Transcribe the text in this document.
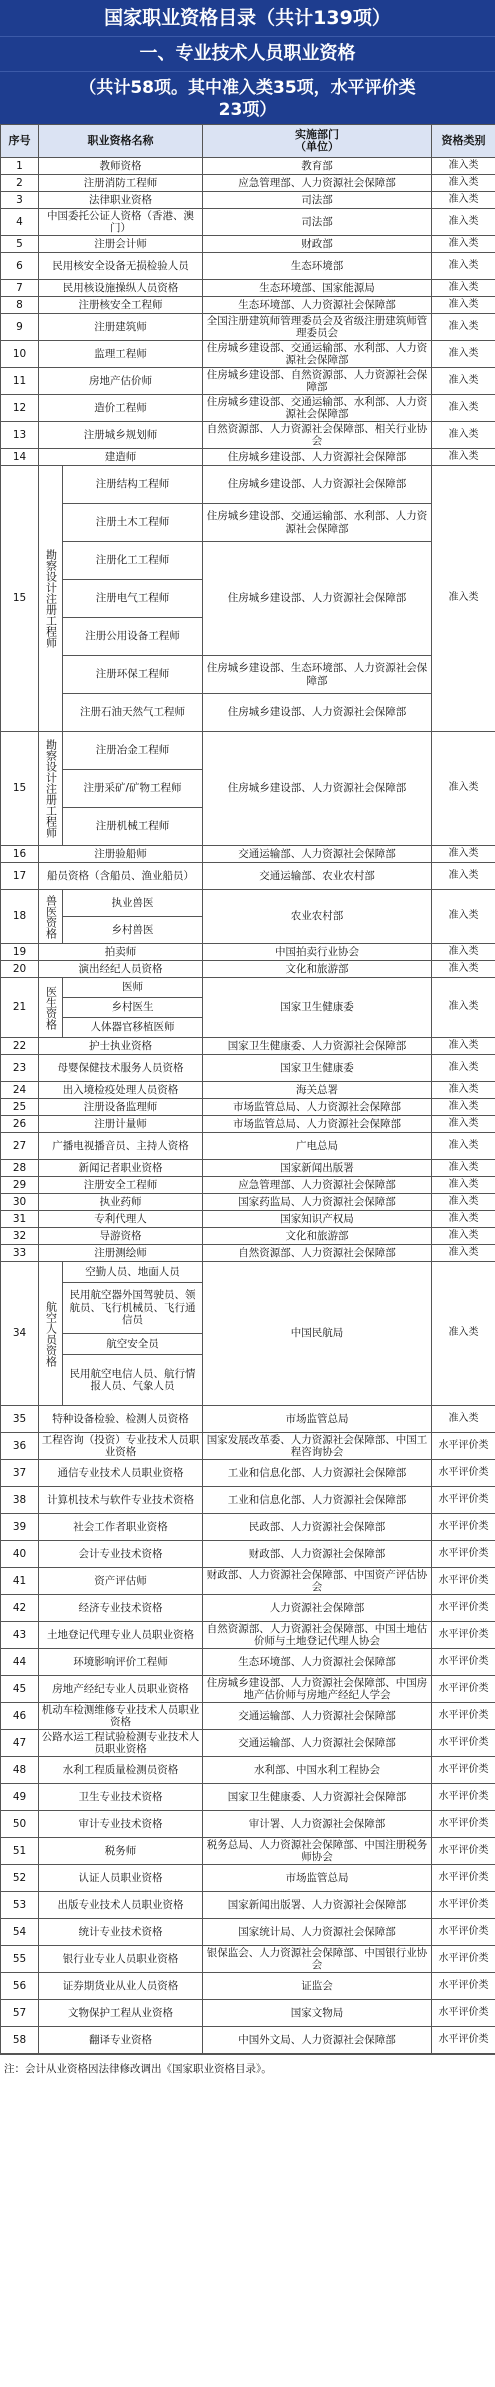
国家职业资格目录（共计139项）
一、专业技术人员职业资格
（共计58项。其中准入类35项，水平评价类
23项）
序号	职业资格名称		实施部门
（单位）	资格类别
1	教师资格		教育部	准入类
2	注册消防工程师		应急管理部、人力资源社会保障部	准入类
3	法律职业资格		司法部	准入类
4	中国委托公证人资格（香港、澳门）		司法部	准入类
5	注册会计师		财政部	准入类
6	民用核安全设备无损检验人员		生态环境部	准入类
7	民用核设施操纵人员资格		生态环境部、国家能源局	准入类
8	注册核安全工程师		生态环境部、人力资源社会保障部	准入类
9	注册建筑师		全国注册建筑师管理委员会及省级注册建筑师管理委员会	准入类
10	监理工程师		住房城乡建设部、交通运输部、水利部、人力资源社会保障部	准入类
11	房地产估价师		住房城乡建设部、自然资源部、人力资源社会保障部	准入类
12	造价工程师		住房城乡建设部、交通运输部、水利部、人力资源社会保障部	准入类
13	注册城乡规划师		自然资源部、人力资源社会保障部、相关行业协会	准入类
14	建造师		住房城乡建设部、人力资源社会保障部	准入类
15	勘察设计注册工程师	注册结构工程师	住房城乡建设部、人力资源社会保障部	准入类
		注册土木工程师	住房城乡建设部、交通运输部、水利部、人力资源社会保障部	
		注册化工工程师	住房城乡建设部、人力资源社会保障部	
		注册电气工程师		
		注册公用设备工程师		
		注册环保工程师	住房城乡建设部、生态环境部、人力资源社会保障部	
		注册石油天然气工程师	住房城乡建设部、人力资源社会保障部	
15	勘察设计注册工程师	注册冶金工程师	住房城乡建设部、人力资源社会保障部	准入类
		注册采矿/矿物工程师		
		注册机械工程师		
16	注册验船师		交通运输部、人力资源社会保障部	准入类
17	船员资格（含船员、渔业船员）		交通运输部、农业农村部	准入类
18	兽医资格	执业兽医	农业农村部	准入类
		乡村兽医		
19	拍卖师		中国拍卖行业协会	准入类
20	演出经纪人员资格		文化和旅游部	准入类
21	医生资格	医师	国家卫生健康委	准入类
		乡村医生		
		人体器官移植医师		
22	护士执业资格		国家卫生健康委、人力资源社会保障部	准入类
23	母婴保健技术服务人员资格		国家卫生健康委	准入类
24	出入境检疫处理人员资格		海关总署	准入类
25	注册设备监理师		市场监管总局、人力资源社会保障部	准入类
26	注册计量师		市场监管总局、人力资源社会保障部	准入类
27	广播电视播音员、主持人资格		广电总局	准入类
28	新闻记者职业资格		国家新闻出版署	准入类
29	注册安全工程师		应急管理部、人力资源社会保障部	准入类
30	执业药师		国家药监局、人力资源社会保障部	准入类
31	专利代理人		国家知识产权局	准入类
32	导游资格		文化和旅游部	准入类
33	注册测绘师		自然资源部、人力资源社会保障部	准入类
34	航空人员资格	空勤人员、地面人员	中国民航局	准入类
		民用航空器外国驾驶员、领航员、飞行机械员、飞行通信员		
		航空安全员		
		民用航空电信人员、航行情报人员、气象人员		
35	特种设备检验、检测人员资格		市场监管总局	准入类
36	工程咨询（投资）专业技术人员职业资格		国家发展改革委、人力资源社会保障部、中国工程咨询协会	水平评价类
37	通信专业技术人员职业资格		工业和信息化部、人力资源社会保障部	水平评价类
38	计算机技术与软件专业技术资格		工业和信息化部、人力资源社会保障部	水平评价类
39	社会工作者职业资格		民政部、人力资源社会保障部	水平评价类
40	会计专业技术资格		财政部、人力资源社会保障部	水平评价类
41	资产评估师		财政部、人力资源社会保障部、中国资产评估协会	水平评价类
42	经济专业技术资格		人力资源社会保障部	水平评价类
43	土地登记代理专业人员职业资格		自然资源部、人力资源社会保障部、中国土地估价师与土地登记代理人协会	水平评价类
44	环境影响评价工程师		生态环境部、人力资源社会保障部	水平评价类
45	房地产经纪专业人员职业资格		住房城乡建设部、人力资源社会保障部、中国房地产估价师与房地产经纪人学会	水平评价类
46	机动车检测维修专业技术人员职业资格		交通运输部、人力资源社会保障部	水平评价类
47	公路水运工程试验检测专业技术人员职业资格		交通运输部、人力资源社会保障部	水平评价类
48	水利工程质量检测员资格		水利部、中国水利工程协会	水平评价类
49	卫生专业技术资格		国家卫生健康委、人力资源社会保障部	水平评价类
50	审计专业技术资格		审计署、人力资源社会保障部	水平评价类
51	税务师		税务总局、人力资源社会保障部、中国注册税务师协会	水平评价类
52	认证人员职业资格		市场监管总局	水平评价类
53	出版专业技术人员职业资格		国家新闻出版署、人力资源社会保障部	水平评价类
54	统计专业技术资格		国家统计局、人力资源社会保障部	水平评价类
55	银行业专业人员职业资格		银保监会、人力资源社会保障部、中国银行业协会	水平评价类
56	证券期货业从业人员资格		证监会	水平评价类
57	文物保护工程从业资格		国家文物局	水平评价类
58	翻译专业资格		中国外文局、人力资源社会保障部	水平评价类
注：会计从业资格因法律修改调出《国家职业资格目录》。
